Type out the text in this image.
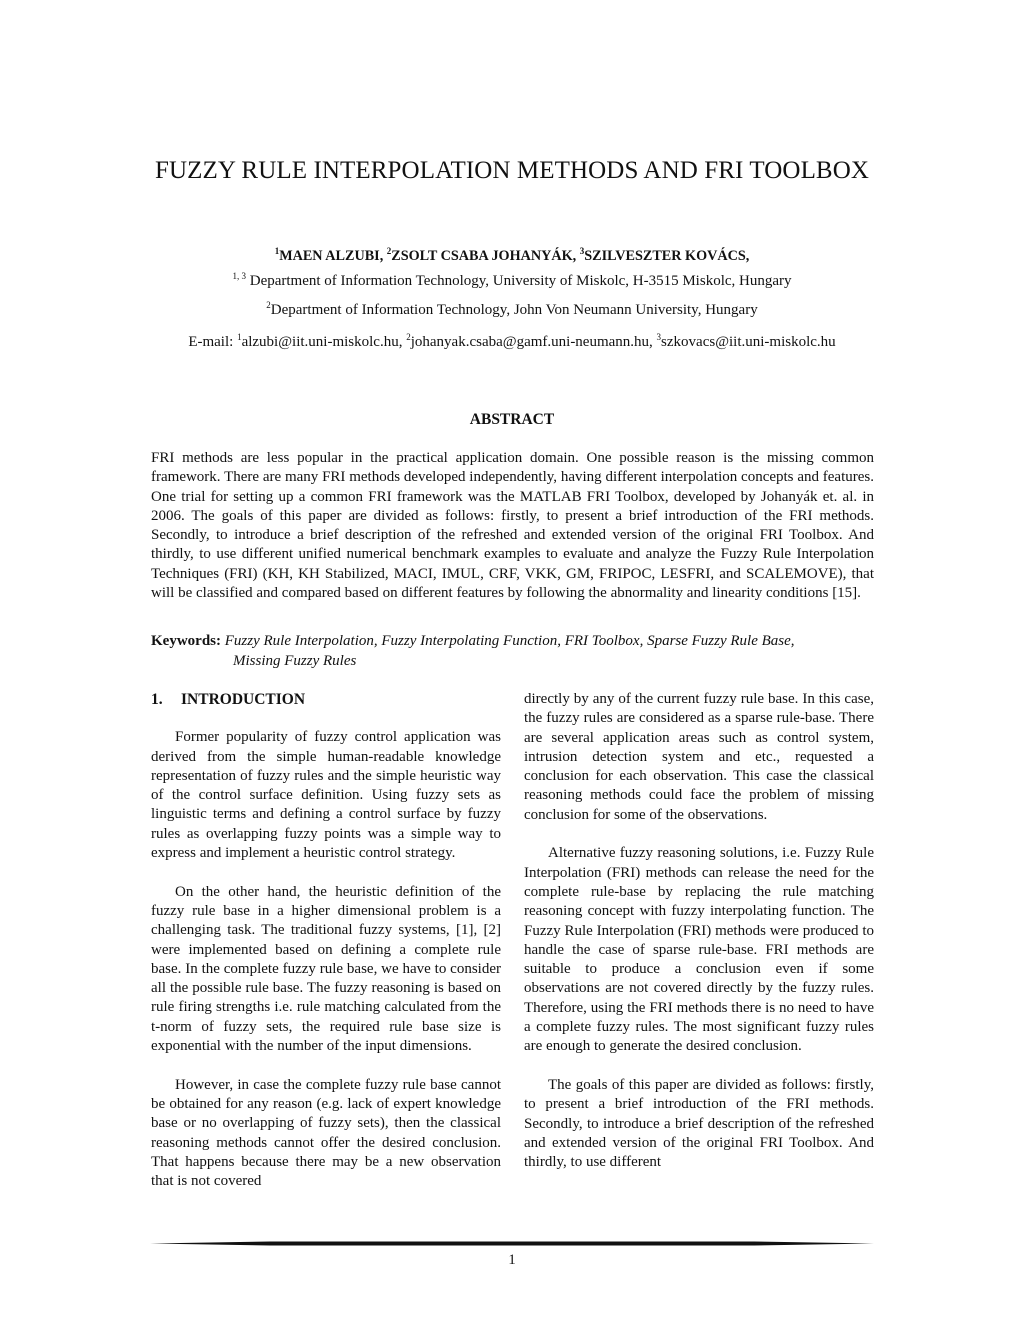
FUZZY RULE INTERPOLATION METHODS AND FRI TOOLBOX
$^1$MAEN ALZUBI, $^2$ZSOLT CSABA JOHANYÁK, $^3$SZILVESZTER KOVÁCS,
$^{1, 3}$ Department of Information Technology, University of Miskolc, H-3515 Miskolc, Hungary
$^2$Department of Information Technology, John Von Neumann University, Hungary
E-mail: $^1$alzubi@iit.uni-miskolc.hu, $^2$johanyak.csaba@gamf.uni-neumann.hu, $^3$szkovacs@iit.uni-miskolc.hu
ABSTRACT

FRI methods are less popular in the practical application domain. One possible reason is the missing common framework. There are many FRI methods developed independently, having different interpolation concepts and features. One trial for setting up a common FRI framework was the MATLAB FRI Toolbox, developed by Johanyák et. al. in 2006. The goals of this paper are divided as follows: firstly, to present a brief introduction of the FRI methods. Secondly, to introduce a brief description of the refreshed and extended version of the original FRI Toolbox. And thirdly, to use different unified numerical benchmark examples to evaluate and analyze the Fuzzy Rule Interpolation Techniques (FRI) (KH, KH Stabilized, MACI, IMUL, CRF, VKK, GM, FRIPOC, LESFRI, and SCALEMOVE), that will be classified and compared based on different features by following the abnormality and linearity conditions [15].

Keywords: Fuzzy Rule Interpolation, Fuzzy Interpolating Function, FRI Toolbox, Sparse Fuzzy Rule Base,
Missing Fuzzy Rules
1. INTRODUCTION

Former popularity of fuzzy control application was derived from the simple human-readable knowledge representation of fuzzy rules and the simple heuristic way of the control surface definition. Using fuzzy sets as linguistic terms and defining a control surface by fuzzy rules as overlapping fuzzy points was a simple way to express and implement a heuristic control strategy.

On the other hand, the heuristic definition of the fuzzy rule base in a higher dimensional problem is a challenging task. The traditional fuzzy systems, [1], [2] were implemented based on defining a complete rule base. In the complete fuzzy rule base, we have to consider all the possible rule base. The fuzzy reasoning is based on rule firing strengths i.e. rule matching calculated from the t-norm of fuzzy sets, the required rule base size is exponential with the number of the input dimensions.

However, in case the complete fuzzy rule base cannot be obtained for any reason (e.g. lack of expert knowledge base or no overlapping of fuzzy sets), then the classical reasoning methods cannot offer the desired conclusion. That happens because there may be a new observation that is not covered

directly by any of the current fuzzy rule base. In this case, the fuzzy rules are considered as a sparse rule-base. There are several application areas such as control system, intrusion detection system and etc., requested a conclusion for each observation. This case the classical reasoning methods could face the problem of missing conclusion for some of the observations.

Alternative fuzzy reasoning solutions, i.e. Fuzzy Rule Interpolation (FRI) methods can release the need for the complete rule-base by replacing the rule matching reasoning concept with fuzzy interpolating function. The Fuzzy Rule Interpolation (FRI) methods were produced to handle the case of sparse rule-base. FRI methods are suitable to produce a conclusion even if some observations are not covered directly by the fuzzy rules. Therefore, using the FRI methods there is no need to have a complete fuzzy rules. The most significant fuzzy rules are enough to generate the desired conclusion.

The goals of this paper are divided as follows: firstly, to present a brief introduction of the FRI methods. Secondly, to introduce a brief description of the refreshed and extended version of the original FRI Toolbox. And thirdly, to use different

1
